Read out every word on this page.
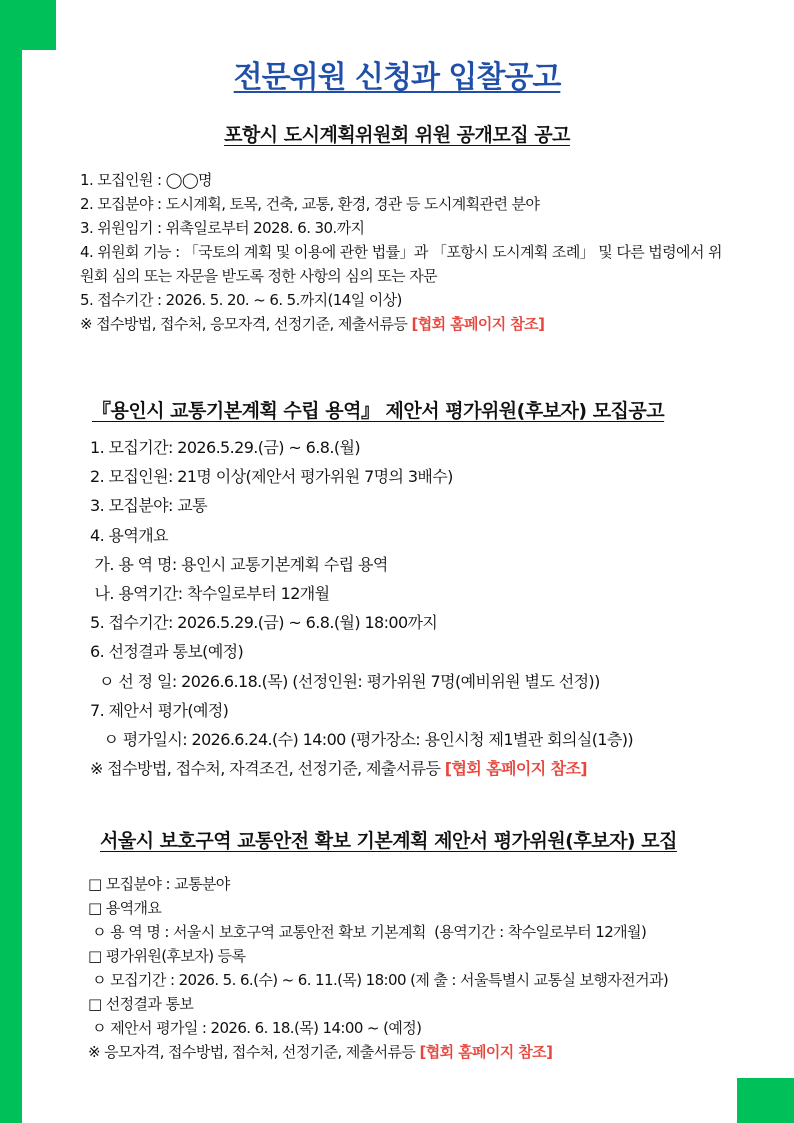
전문위원 신청과 입찰공고
포항시 도시계획위원회 위원 공개모집 공고
1. 모집인원 : ◯◯명
2. 모집분야 : 도시계획, 토목, 건축, 교통, 환경, 경관 등 도시계획관련 분야
3. 위원임기 : 위촉일로부터 2028. 6. 30.까지
4. 위원회 기능 : 「국토의 계획 및 이용에 관한 법률」과 「포항시 도시계획 조례」 및 다른 법령에서 위원회 심의 또는 자문을 받도록 정한 사항의 심의 또는 자문
5. 접수기간 : 2026. 5. 20. ~ 6. 5.까지(14일 이상)
※ 접수방법, 접수처, 응모자격, 선정기준, 제출서류등 [협회 홈페이지 참조]
『용인시 교통기본계획 수립 용역』 제안서 평가위원(후보자) 모집공고
1. 모집기간: 2026.5.29.(금) ~ 6.8.(월)
2. 모집인원: 21명 이상(제안서 평가위원 7명의 3배수)
3. 모집분야: 교통
4. 용역개요
가. 용 역 명: 용인시 교통기본계획 수립 용역
나. 용역기간: 착수일로부터 12개월
5. 접수기간: 2026.5.29.(금) ~ 6.8.(월) 18:00까지
6. 선정결과 통보(예정)
ㅇ 선 정 일: 2026.6.18.(목) (선정인원: 평가위원 7명(예비위원 별도 선정))
7. 제안서 평가(예정)
ㅇ 평가일시: 2026.6.24.(수) 14:00 (평가장소: 용인시청 제1별관 회의실(1층))
※ 접수방법, 접수처, 자격조건, 선정기준, 제출서류등 [협회 홈페이지 참조]
서울시 보호구역 교통안전 확보 기본계획 제안서 평가위원(후보자) 모집
□ 모집분야 : 교통분야
□ 용역개요
ㅇ 용 역 명 : 서울시 보호구역 교통안전 확보 기본계획  (용역기간 : 착수일로부터 12개월)
□ 평가위원(후보자) 등록
ㅇ 모집기간 : 2026. 5. 6.(수) ~ 6. 11.(목) 18:00 (제 출 : 서울특별시 교통실 보행자전거과)
□ 선정결과 통보
ㅇ 제안서 평가일 : 2026. 6. 18.(목) 14:00 ~ (예정)
※ 응모자격, 접수방법, 접수처, 선정기준, 제출서류등 [협회 홈페이지 참조]
